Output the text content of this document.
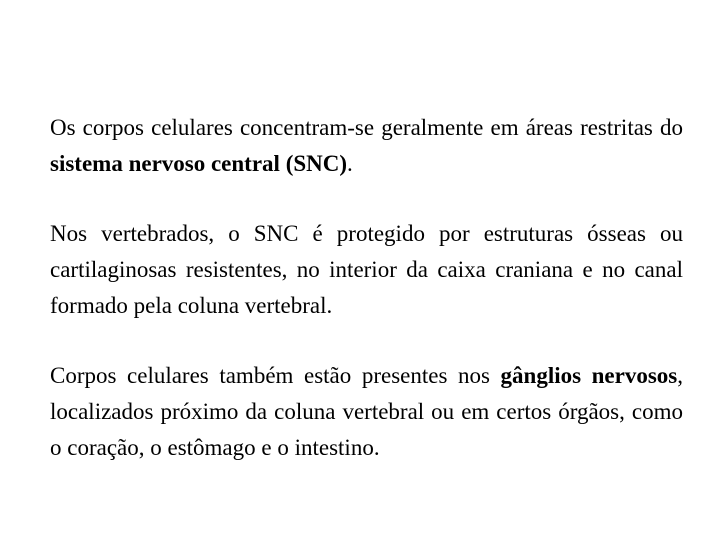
Os corpos celulares concentram-se geralmente em áreas restritas do sistema nervoso central (SNC).

Nos vertebrados, o SNC é protegido por estruturas ósseas ou cartilaginosas resistentes, no interior da caixa craniana e no canal formado pela coluna vertebral.

Corpos celulares também estão presentes nos gânglios nervosos, localizados próximo da coluna vertebral ou em certos órgãos, como o coração, o estômago e o intestino.
